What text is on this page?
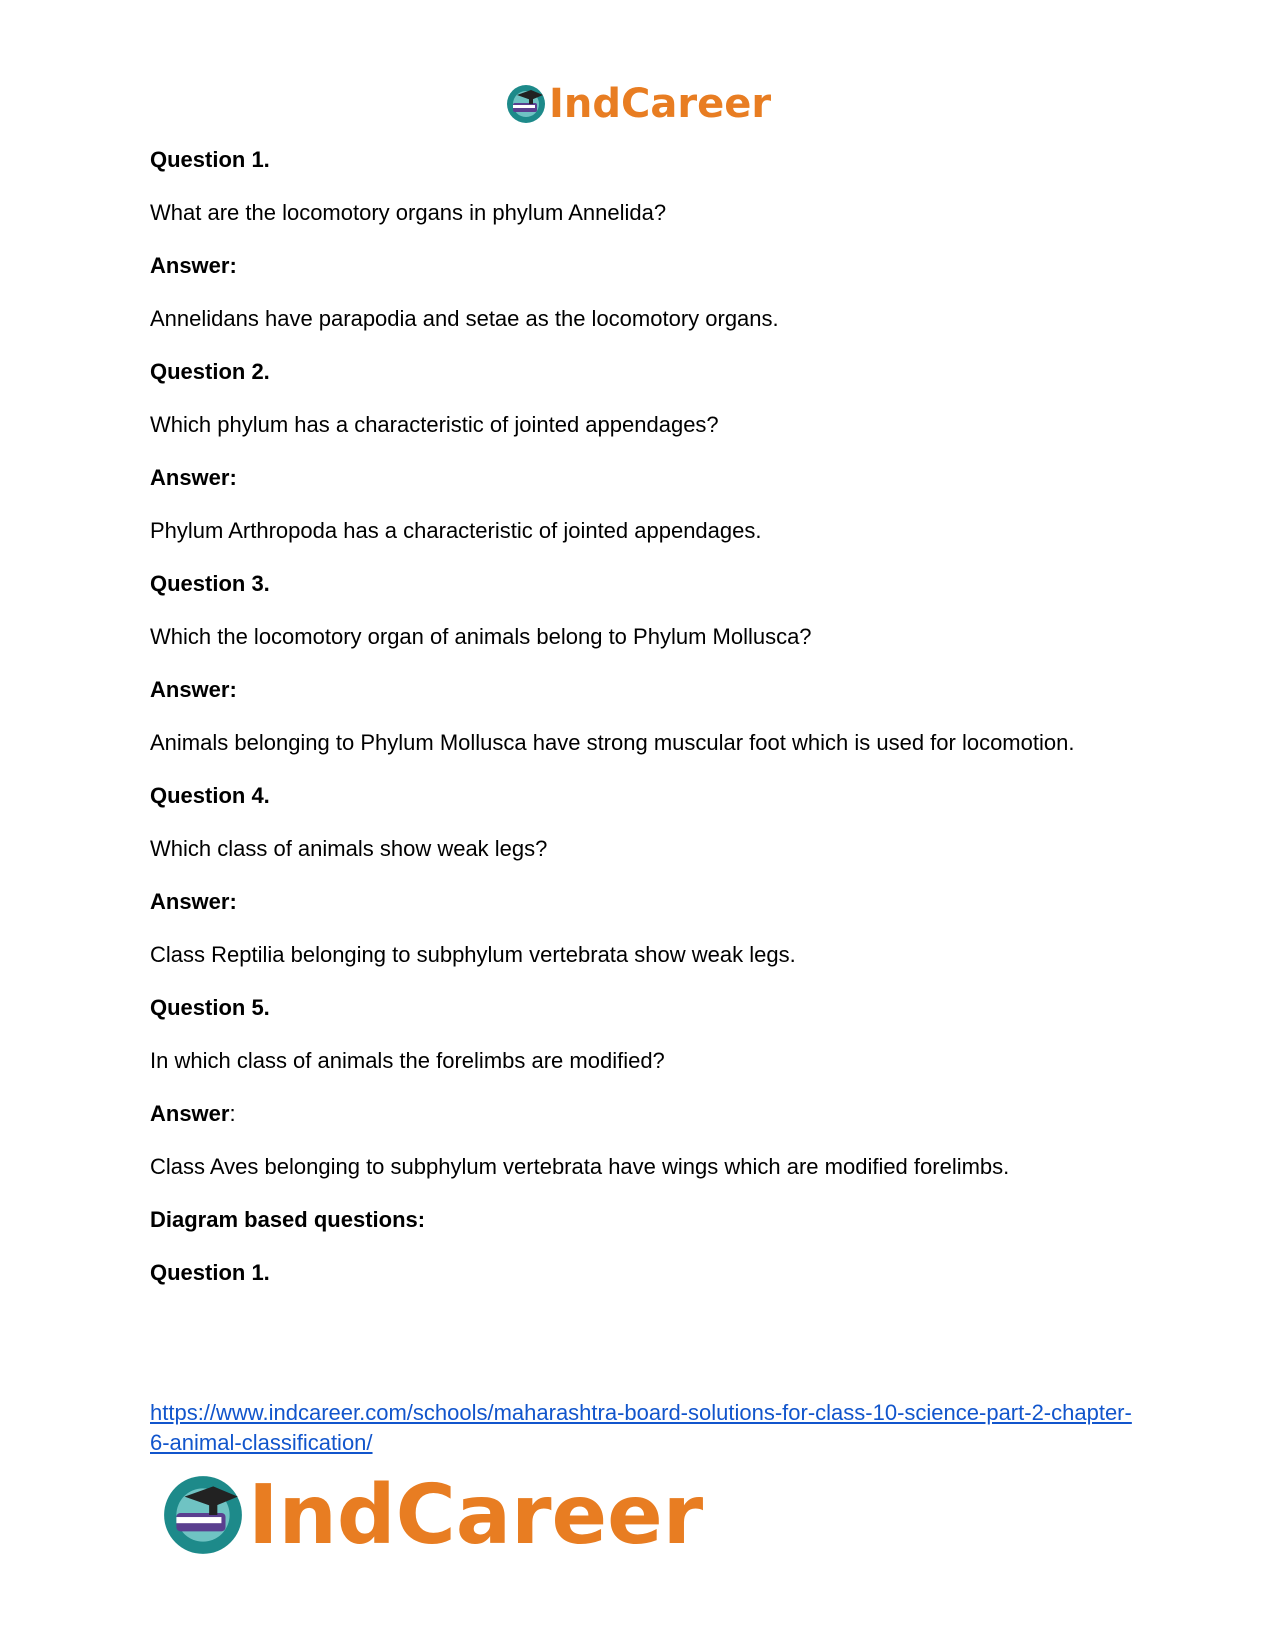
IndCareer
Question 1.
What are the locomotory organs in phylum Annelida?
Answer:
Annelidans have parapodia and setae as the locomotory organs.
Question 2.
Which phylum has a characteristic of jointed appendages?
Answer:
Phylum Arthropoda has a characteristic of jointed appendages.
Question 3.
Which the locomotory organ of animals belong to Phylum Mollusca?
Answer:
Animals belonging to Phylum Mollusca have strong muscular foot which is used for locomotion.
Question 4.
Which class of animals show weak legs?
Answer:
Class Reptilia belonging to subphylum vertebrata show weak legs.
Question 5.
In which class of animals the forelimbs are modified?
Answer:
Class Aves belonging to subphylum vertebrata have wings which are modified forelimbs.
Diagram based questions:
Question 1.
https://www.indcareer.com/schools/maharashtra-board-solutions-for-class-10-science-part-2-chapter-6-animal-classification/
IndCareer
